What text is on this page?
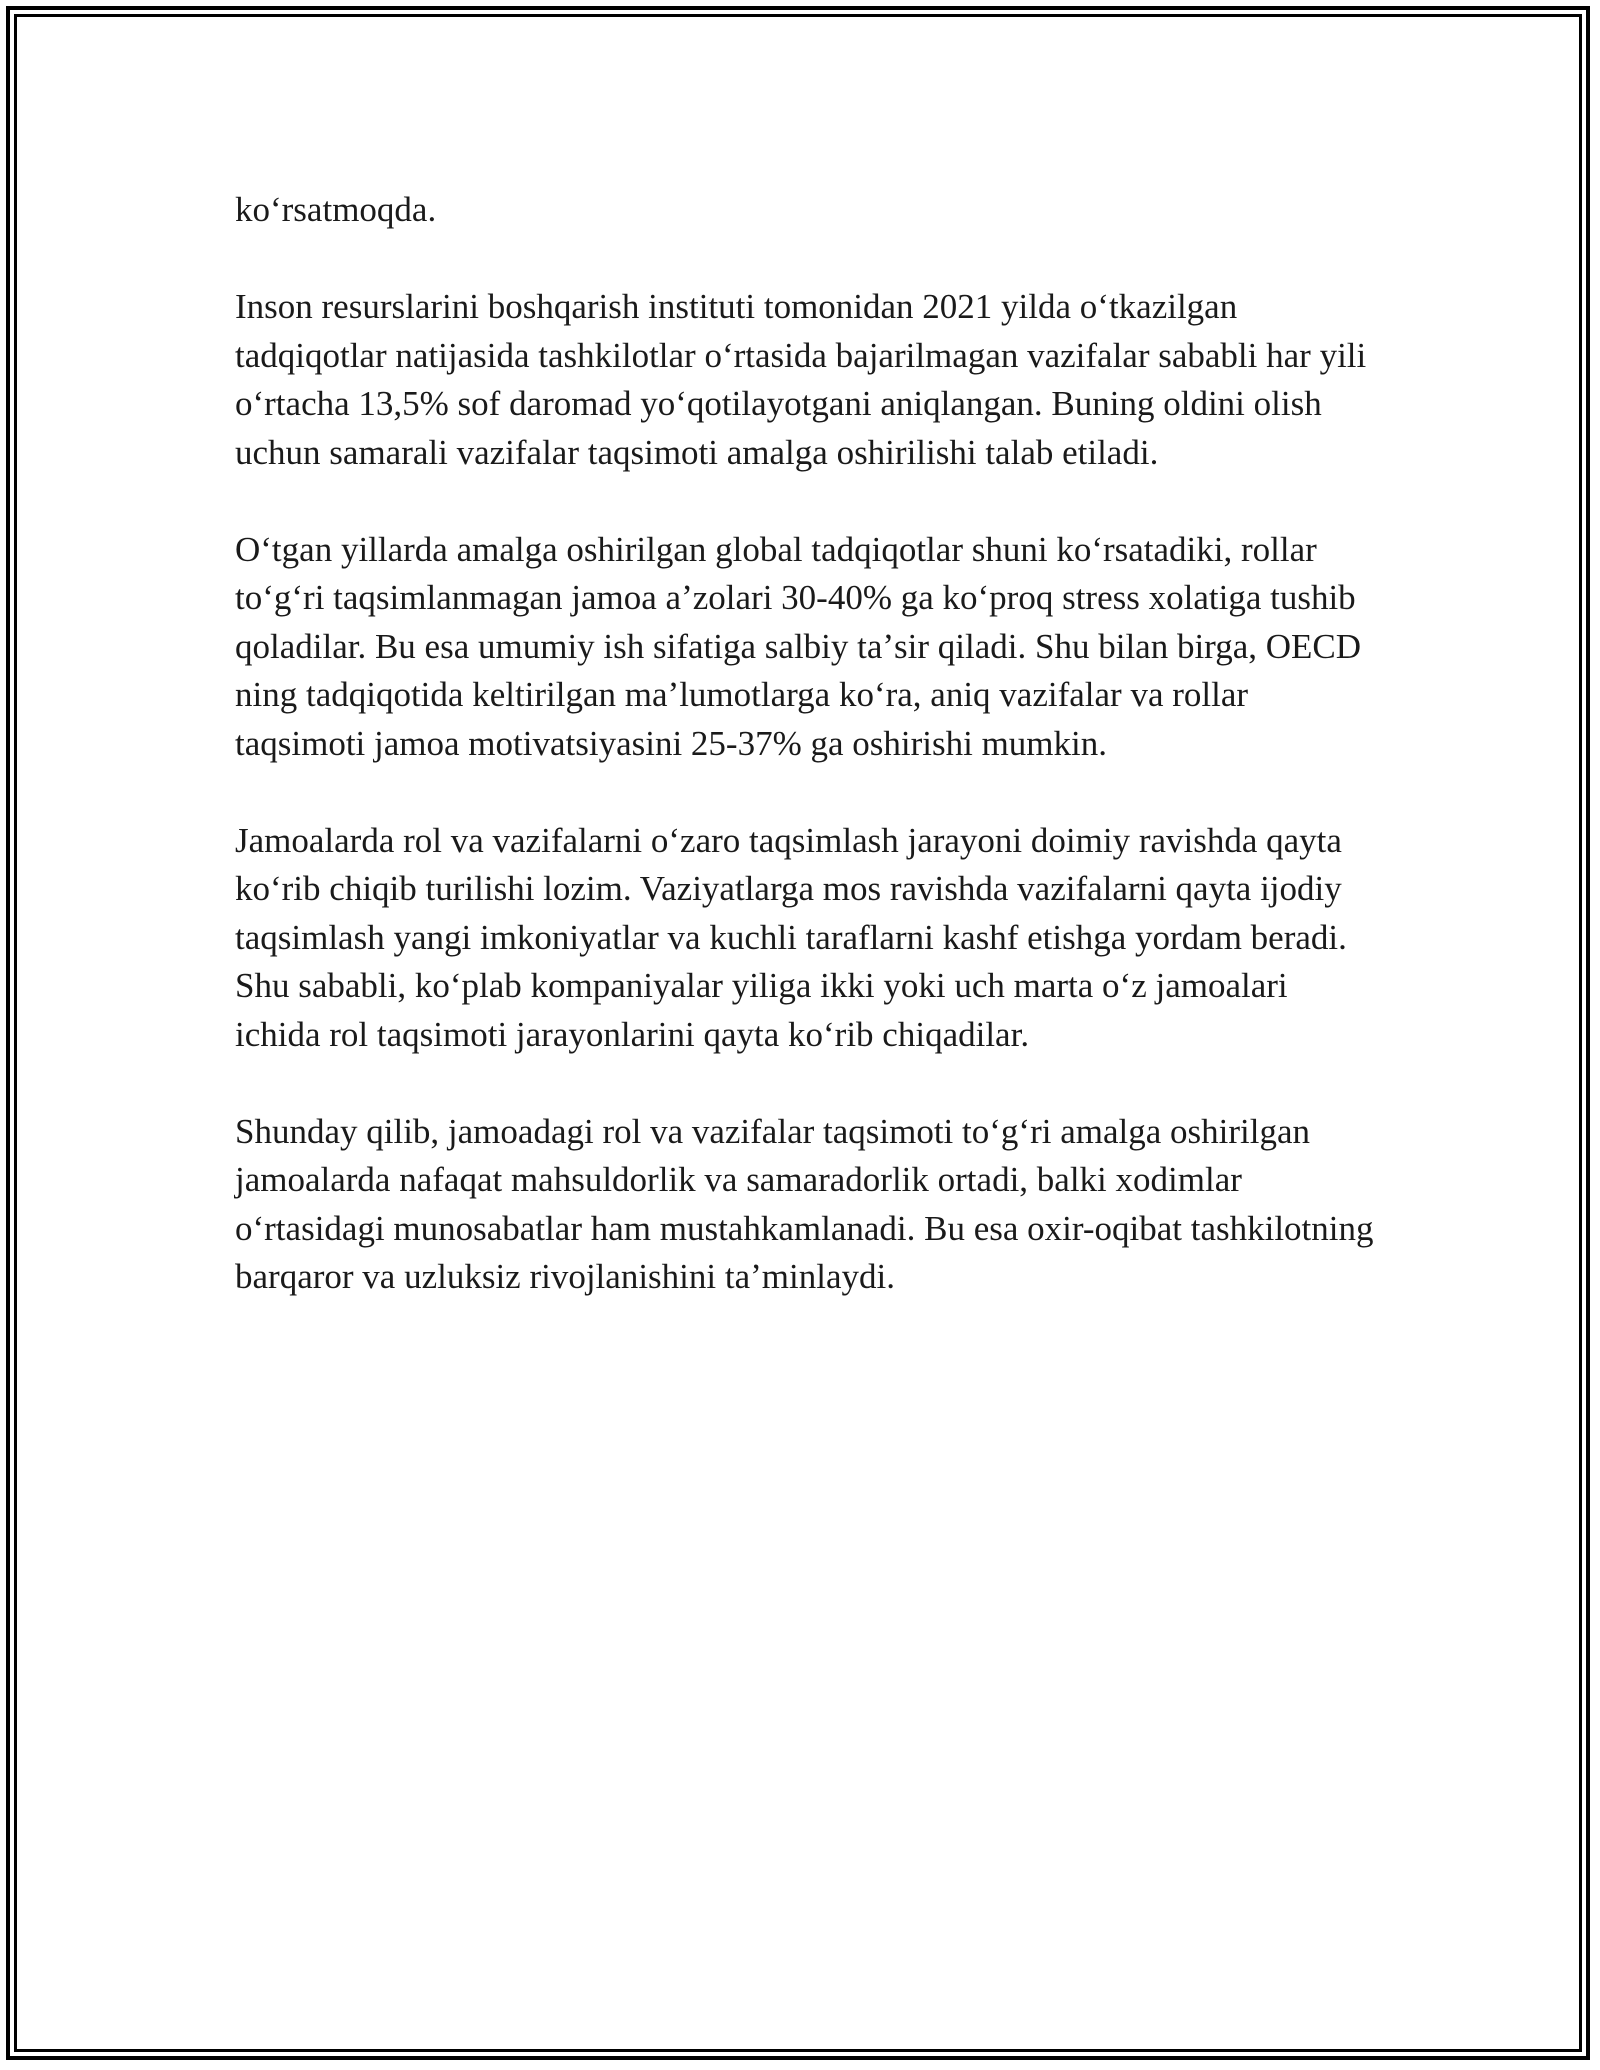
koʻrsatmoqda.

Inson resurslarini boshqarish instituti tomonidan 2021 yilda oʻtkazilgan tadqiqotlar natijasida tashkilotlar oʻrtasida bajarilmagan vazifalar sababli har yili oʻrtacha 13,5% sof daromad yoʻqotilayotgani aniqlangan. Buning oldini olish uchun samarali vazifalar taqsimoti amalga oshirilishi talab etiladi.

Oʻtgan yillarda amalga oshirilgan global tadqiqotlar shuni koʻrsatadiki, rollar toʻgʻri taqsimlanmagan jamoa aʼzolari 30-40% ga koʻproq stress xolatiga tushib qoladilar. Bu esa umumiy ish sifatiga salbiy taʼsir qiladi. Shu bilan birga, OECD ning tadqiqotida keltirilgan maʼlumotlarga koʻra, aniq vazifalar va rollar taqsimoti jamoa motivatsiyasini 25-37% ga oshirishi mumkin.

Jamoalarda rol va vazifalarni oʻzaro taqsimlash jarayoni doimiy ravishda qayta koʻrib chiqib turilishi lozim. Vaziyatlarga mos ravishda vazifalarni qayta ijodiy taqsimlash yangi imkoniyatlar va kuchli taraflarni kashf etishga yordam beradi. Shu sababli, koʻplab kompaniyalar yiliga ikki yoki uch marta oʻz jamoalari ichida rol taqsimoti jarayonlarini qayta koʻrib chiqadilar.

Shunday qilib, jamoadagi rol va vazifalar taqsimoti toʻgʻri amalga oshirilgan jamoalarda nafaqat mahsuldorlik va samaradorlik ortadi, balki xodimlar oʻrtasidagi munosabatlar ham mustahkamlanadi. Bu esa oxir-oqibat tashkilotning barqaror va uzluksiz rivojlanishini taʼminlaydi.
